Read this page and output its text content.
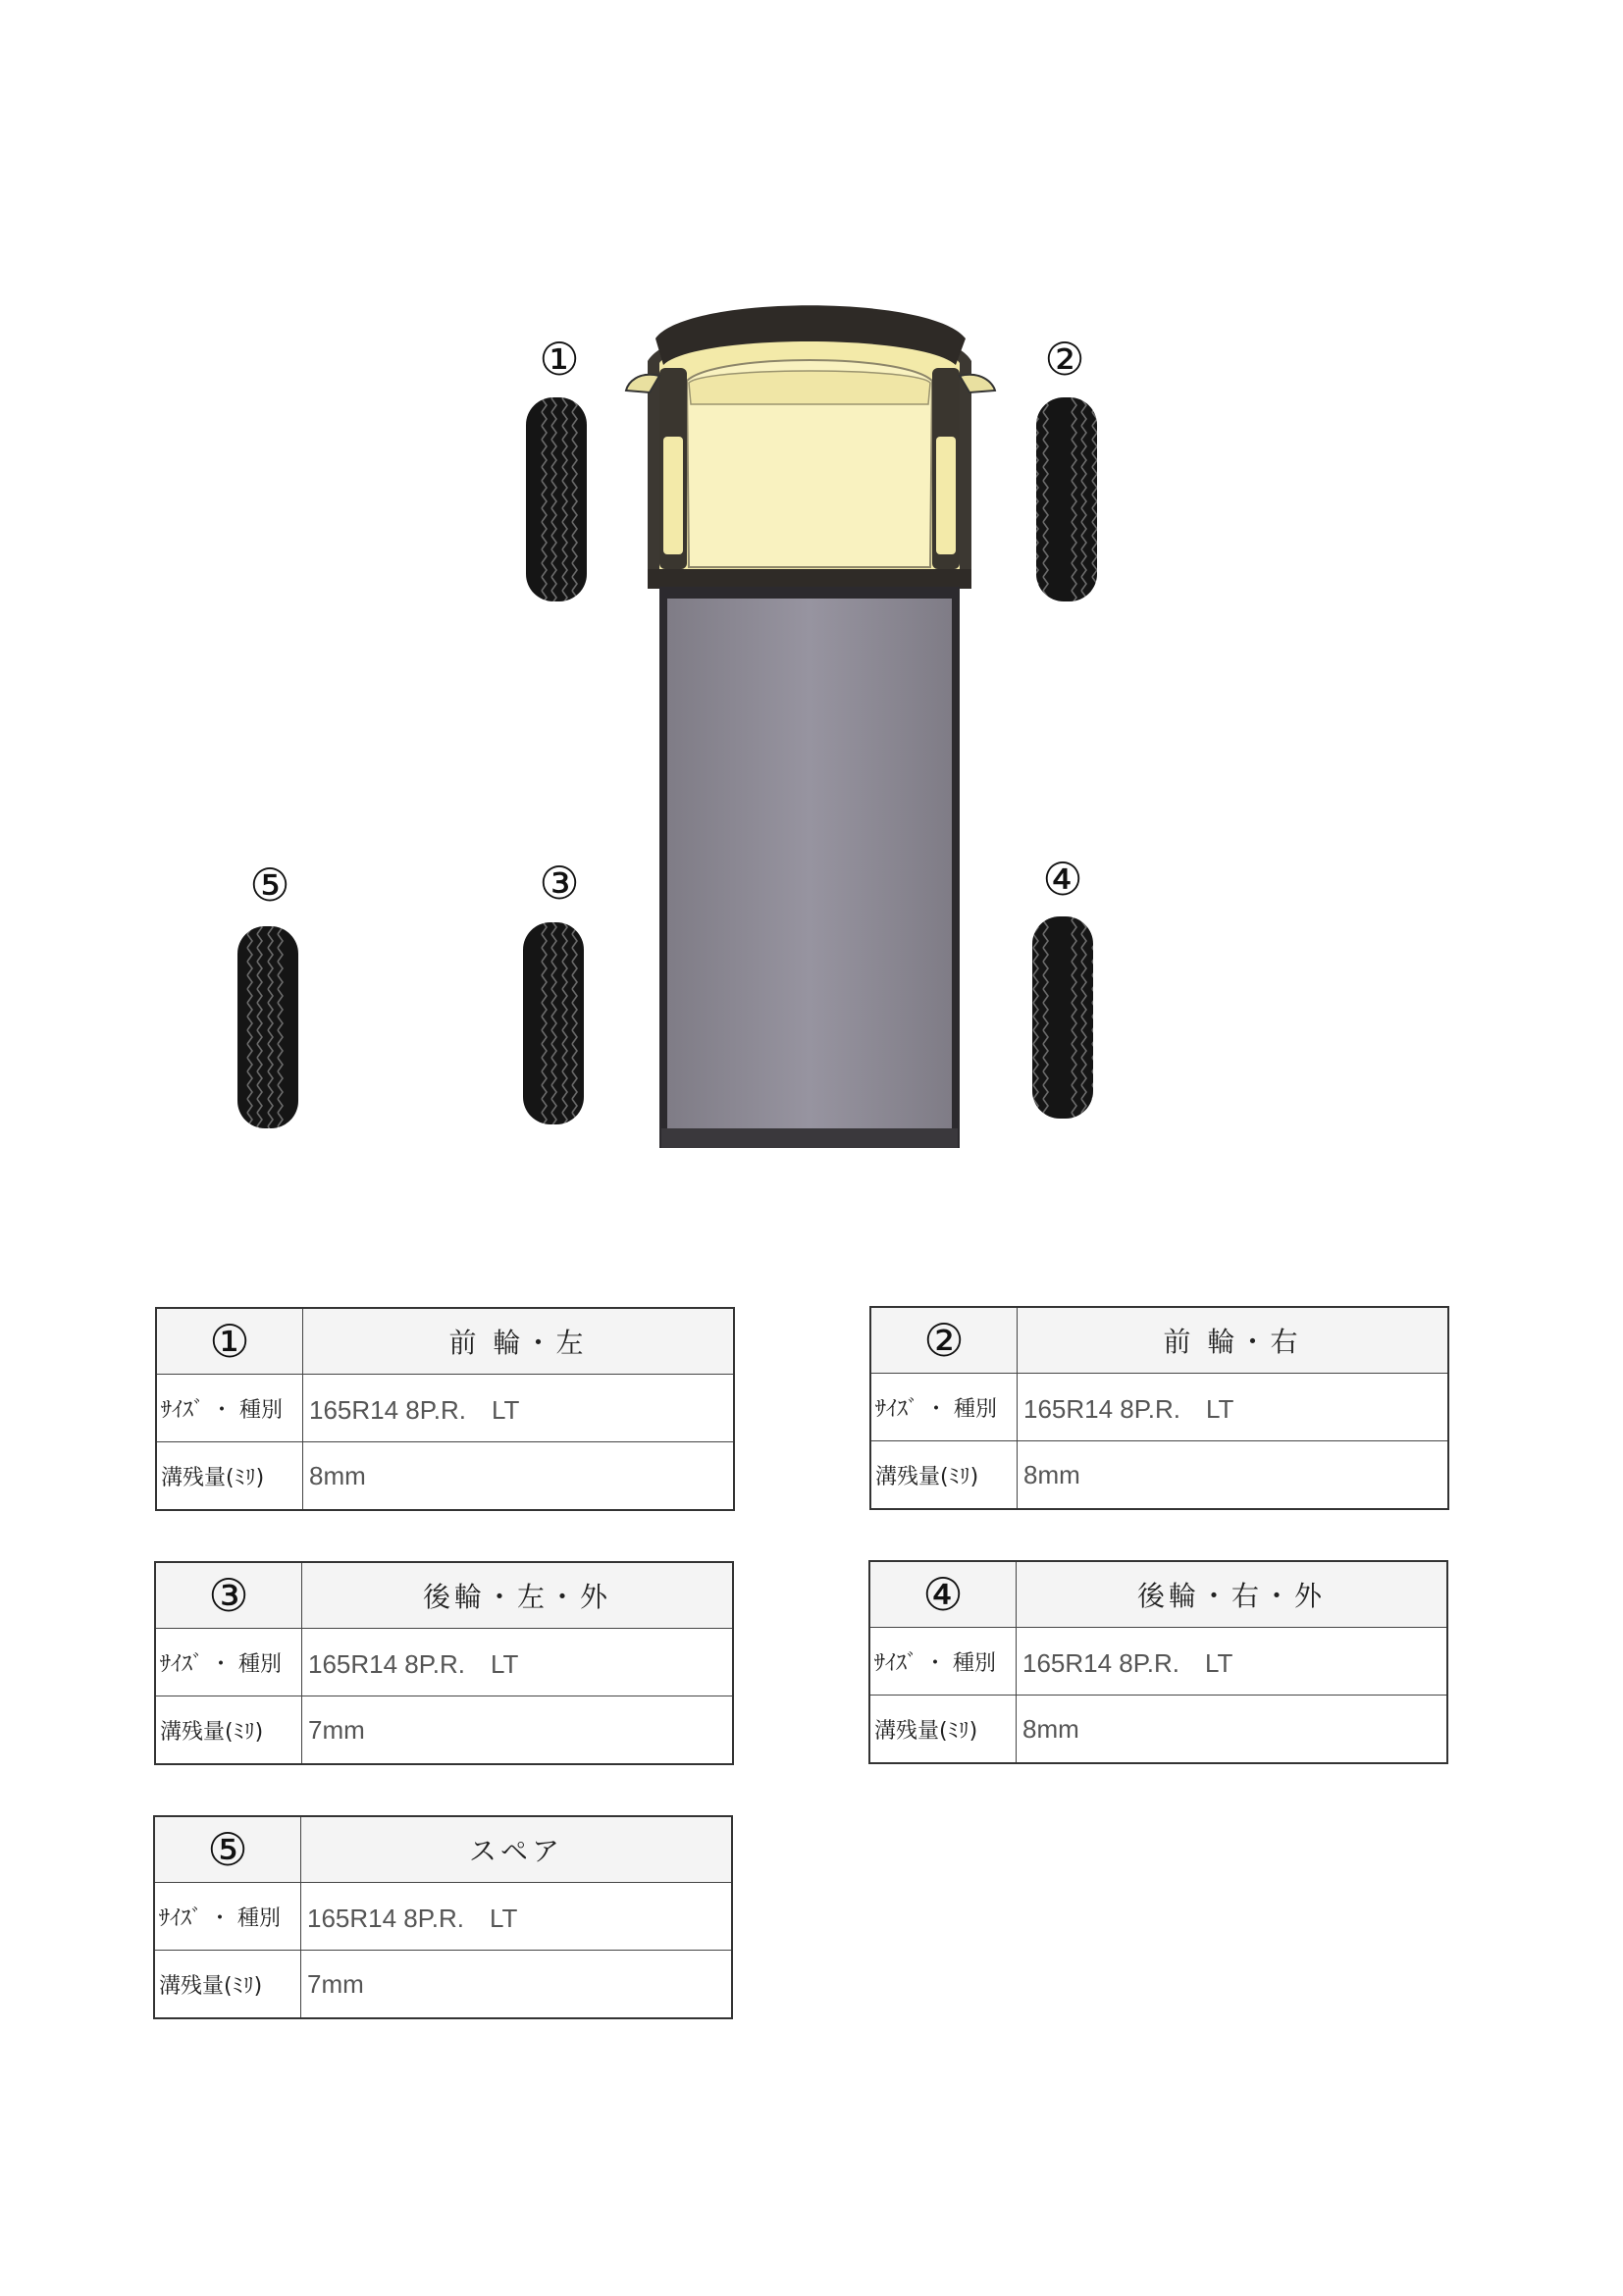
①	②
③	④
⑤
①	前 輪・左
ｻｲｽﾞ ・ 種別	165R14 8P.R.　LT
溝残量(ﾐﾘ)	8mm
②	前 輪・右
ｻｲｽﾞ ・ 種別	165R14 8P.R.　LT
溝残量(ﾐﾘ)	8mm
③	後輪・左・外
ｻｲｽﾞ ・ 種別	165R14 8P.R.　LT
溝残量(ﾐﾘ)	7mm
④	後輪・右・外
ｻｲｽﾞ ・ 種別	165R14 8P.R.　LT
溝残量(ﾐﾘ)	8mm
⑤	スペア
ｻｲｽﾞ ・ 種別	165R14 8P.R.　LT
溝残量(ﾐﾘ)	7mm
